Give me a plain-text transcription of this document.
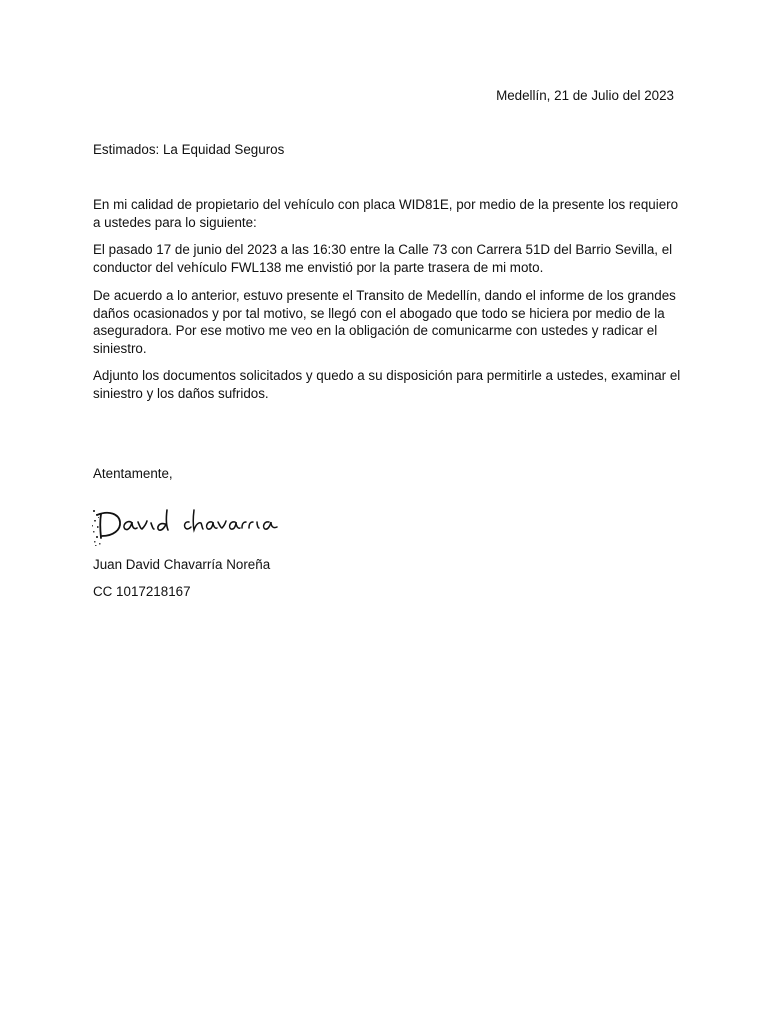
Medellín, 21 de Julio del 2023

Estimados: La Equidad Seguros

En mi calidad de propietario del vehículo con placa WID81E, por medio de la presente los requiero a ustedes para lo siguiente:

El pasado 17 de junio del 2023 a las 16:30 entre la Calle 73 con Carrera 51D del Barrio Sevilla, el conductor del vehículo FWL138 me envistió por la parte trasera de mi moto.

De acuerdo a lo anterior, estuvo presente el Transito de Medellín, dando el informe de los grandes daños ocasionados y por tal motivo, se llegó con el abogado que todo se hiciera por medio de la aseguradora. Por ese motivo me veo en la obligación de comunicarme con ustedes y radicar el siniestro.

Adjunto los documentos solicitados y quedo a su disposición para permitirle a ustedes, examinar el siniestro y los daños sufridos.

Atentamente,

Juan David Chavarría Noreña

CC 1017218167
